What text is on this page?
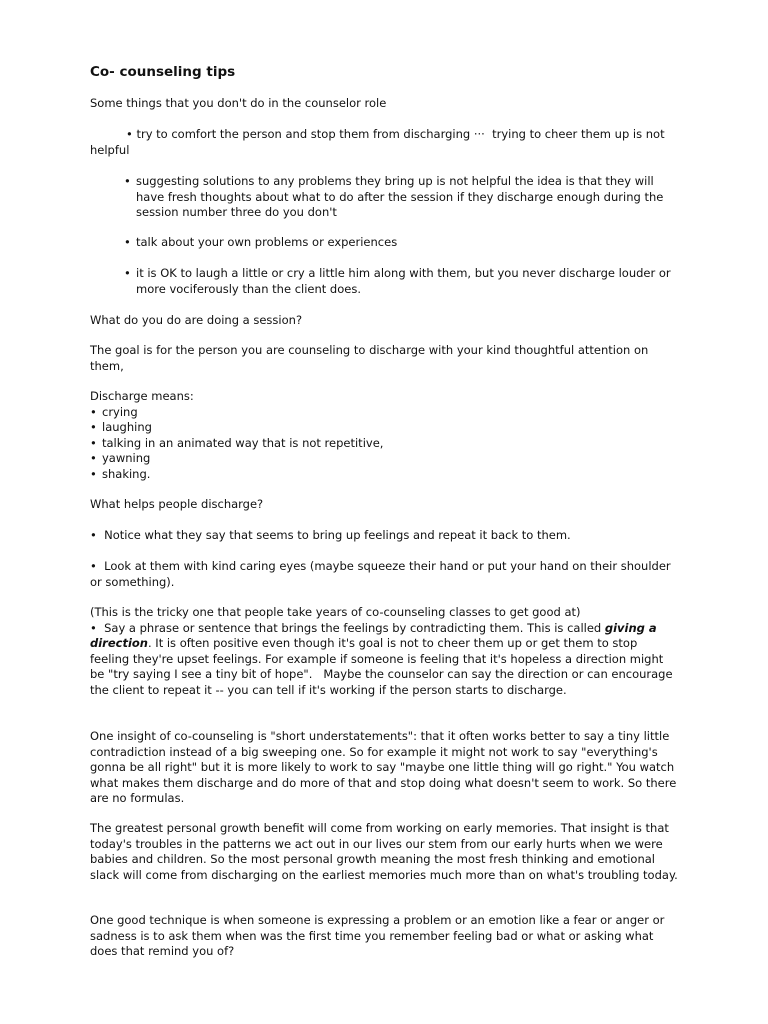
Co- counseling tips

Some things that you don't do in the counselor role

• try to comfort the person and stop them from discharging ···  trying to cheer them up is not helpful

• suggesting solutions to any problems they bring up is not helpful the idea is that they will have fresh thoughts about what to do after the session if they discharge enough during the session number three do you don't
• talk about your own problems or experiences
• it is OK to laugh a little or cry a little him along with them, but you never discharge louder or more vociferously than the client does.

What do you do are doing a session?

The goal is for the person you are counseling to discharge with your kind thoughtful attention on them,

Discharge means:
• crying
• laughing
• talking in an animated way that is not repetitive,
• yawning
• shaking.

What helps people discharge?

• Notice what they say that seems to bring up feelings and repeat it back to them.

• Look at them with kind caring eyes (maybe squeeze their hand or put your hand on their shoulder or something).

(This is the tricky one that people take years of co-counseling classes to get good at)
• Say a phrase or sentence that brings the feelings by contradicting them. This is called giving a direction. It is often positive even though it's goal is not to cheer them up or get them to stop feeling they're upset feelings. For example if someone is feeling that it's hopeless a direction might be "try saying I see a tiny bit of hope".   Maybe the counselor can say the direction or can encourage the client to repeat it -- you can tell if it's working if the person starts to discharge.

One insight of co-counseling is "short understatements": that it often works better to say a tiny little contradiction instead of a big sweeping one. So for example it might not work to say "everything's gonna be all right" but it is more likely to work to say "maybe one little thing will go right." You watch what makes them discharge and do more of that and stop doing what doesn't seem to work. So there are no formulas.

The greatest personal growth benefit will come from working on early memories. That insight is that today's troubles in the patterns we act out in our lives our stem from our early hurts when we were babies and children. So the most personal growth meaning the most fresh thinking and emotional slack will come from discharging on the earliest memories much more than on what's troubling today.

One good technique is when someone is expressing a problem or an emotion like a fear or anger or sadness is to ask them when was the first time you remember feeling bad or what or asking what does that remind you of?
